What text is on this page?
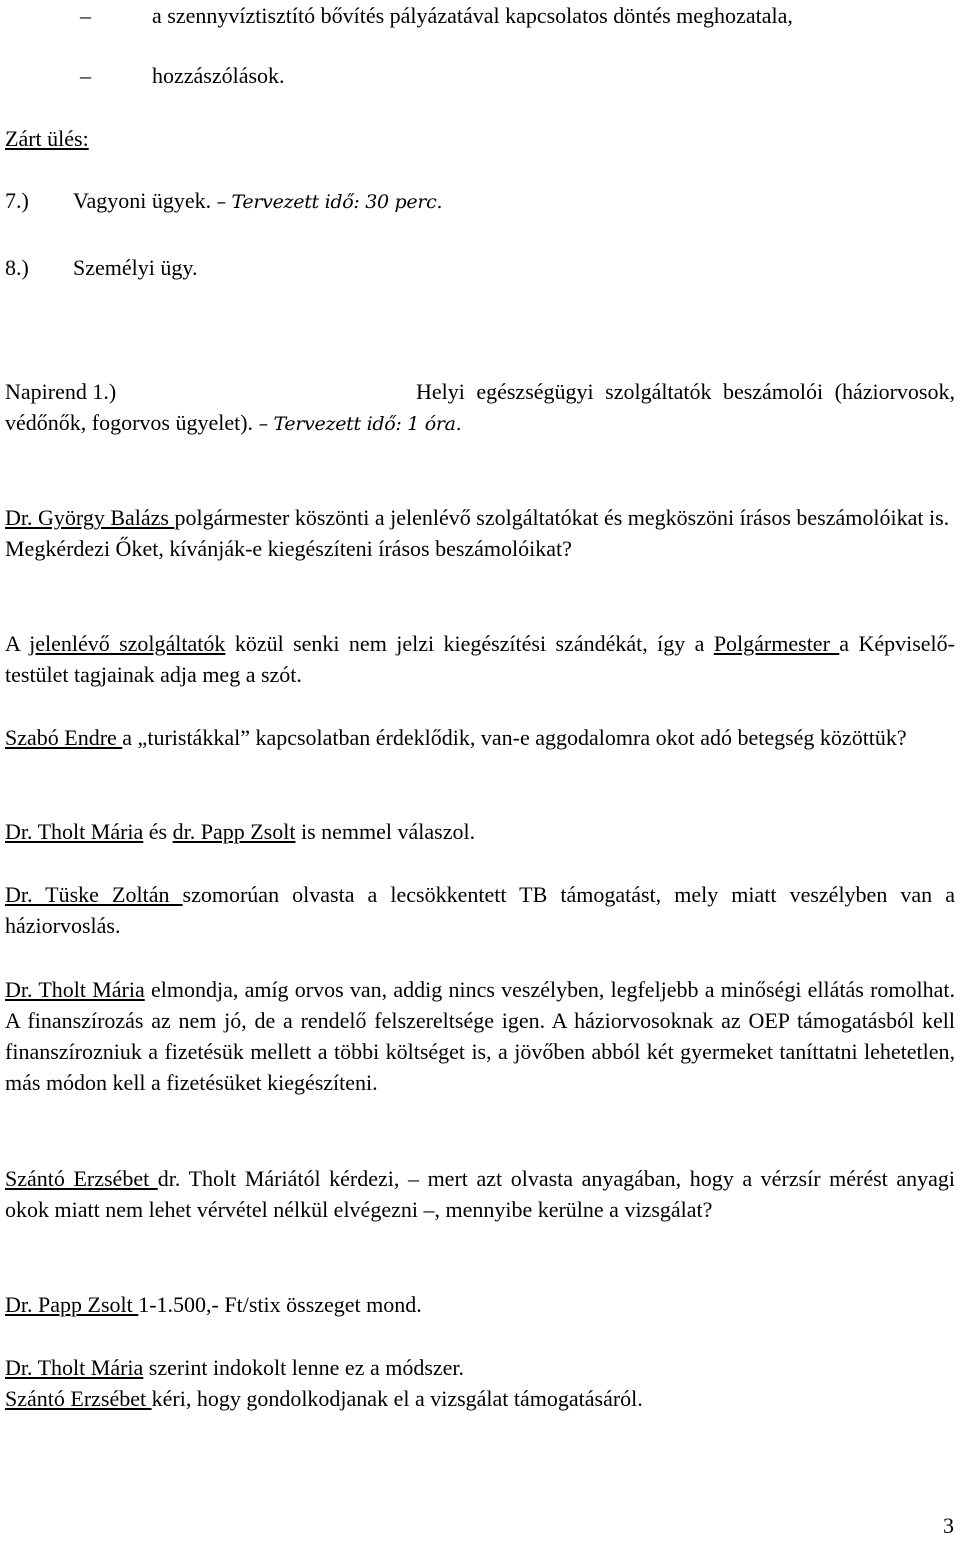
–	a szennyvíztisztító bővítés pályázatával kapcsolatos döntés meghozatala,
–	hozzászólások.
Zárt ülés:
7.) Vagyoni ügyek. – Tervezett idő: 30 perc.
8.) Személyi ügy.
Napirend 1.)	Helyi egészségügyi szolgáltatók beszámolói (háziorvosok,
védőnők, fogorvos ügyelet). – Tervezett idő: 1 óra.

Dr. György Balázs polgármester köszönti a jelenlévő szolgáltatókat és megköszöni írásos beszámolóikat is.

Megkérdezi Őket, kívánják-e kiegészíteni írásos beszámolóikat?

A jelenlévő szolgáltatók közül senki nem jelzi kiegészítési szándékát, így a Polgármester a Képviselő-testület tagjainak adja meg a szót.

Szabó Endre a „turistákkal” kapcsolatban érdeklődik, van-e aggodalomra okot adó betegség közöttük?

Dr. Tholt Mária és dr. Papp Zsolt is nemmel válaszol.

Dr. Tüske Zoltán szomorúan olvasta a lecsökkentett TB támogatást, mely miatt veszélyben van a háziorvoslás.

Dr. Tholt Mária elmondja, amíg orvos van, addig nincs veszélyben, legfeljebb a minőségi ellátás romolhat. A finanszírozás az nem jó, de a rendelő felszereltsége igen. A háziorvosoknak az OEP támogatásból kell finanszírozniuk a fizetésük mellett a többi költséget is, a jövőben abból két gyermeket taníttatni lehetetlen, más módon kell a fizetésüket kiegészíteni.

Szántó Erzsébet dr. Tholt Máriától kérdezi, – mert azt olvasta anyagában, hogy a vérzsír mérést anyagi okok miatt nem lehet vérvétel nélkül elvégezni –, mennyibe kerülne a vizsgálat?

Dr. Papp Zsolt 1-1.500,- Ft/stix összeget mond.

Dr. Tholt Mária szerint indokolt lenne ez a módszer.

Szántó Erzsébet kéri, hogy gondolkodjanak el a vizsgálat támogatásáról.

3
